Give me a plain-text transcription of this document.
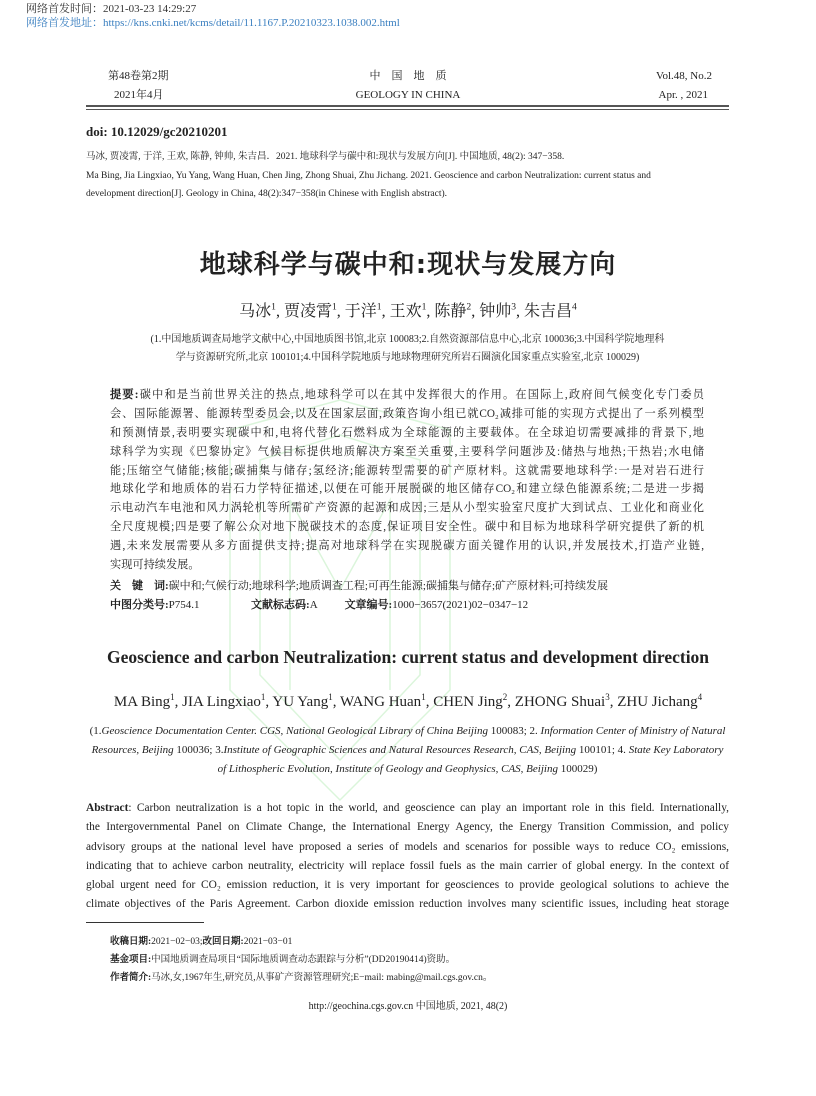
网络首发时间：2021-03-23 14:29:27
网络首发地址：https://kns.cnki.net/kcms/detail/11.1167.P.20210323.1038.002.html
第48卷第2期
2021年4月
中　国　地　质
GEOLOGY IN CHINA
Vol.48, No.2
Apr. , 2021
doi: 10.12029/gc20210201
马冰, 贾凌霄, 于洋, 王欢, 陈静, 钟帅, 朱吉昌．2021. 地球科学与碳中和:现状与发展方向[J]. 中国地质, 48(2): 347−358.
Ma Bing, Jia Lingxiao, Yu Yang, Wang Huan, Chen Jing, Zhong Shuai, Zhu Jichang. 2021. Geoscience and carbon Neutralization: current status and
development direction[J]. Geology in China, 48(2):347−358(in Chinese with English abstract).
地球科学与碳中和:现状与发展方向
马冰$^1$, 贾凌霄$^1$, 于洋$^1$, 王欢$^1$, 陈静$^2$, 钟帅$^3$, 朱吉昌$^4$
(1.中国地质调查局地学文献中心,中国地质图书馆,北京 100083;2.自然资源部信息中心,北京 100036;3.中国科学院地理科
学与资源研究所,北京 100101;4.中国科学院地质与地球物理研究所岩石圈演化国家重点实验室,北京 100029)
提要:碳中和是当前世界关注的热点,地球科学可以在其中发挥很大的作用。在国际上,政府间气候变化专门委员
会、国际能源署、能源转型委员会,以及在国家层面,政策咨询小组已就CO₂减排可能的实现方式提出了一系列模型
和预测情景,表明要实现碳中和,电将代替化石燃料成为全球能源的主要载体。在全球迫切需要减排的背景下,地
球科学为实现《巴黎协定》气候目标提供地质解决方案至关重要,主要科学问题涉及:储热与地热;干热岩;水电储
能;压缩空气储能;核能;碳捕集与储存;氢经济;能源转型需要的矿产原材料。这就需要地球科学:一是对岩石进行
地球化学和地质体的岩石力学特征描述,以便在可能开展脱碳的地区储存CO₂和建立绿色能源系统;二是进一步揭
示电动汽车电池和风力涡轮机等所需矿产资源的起源和成因;三是从小型实验室尺度扩大到试点、工业化和商业化
全尺度规模;四是要了解公众对地下脱碳技术的态度,保证项目安全性。碳中和目标为地球科学研究提供了新的机
遇,未来发展需要从多方面提供支持;提高对地球科学在实现脱碳方面关键作用的认识,并发展技术,打造产业链,
实现可持续发展。
关　键　词:碳中和;气候行动;地球科学;地质调查工程;可再生能源;碳捕集与储存;矿产原材料;可持续发展
中图分类号:P754.1	文献标志码:A	文章编号:1000−3657(2021)02−0347−12
Geoscience and carbon Neutralization: current status and development direction
MA Bing$^1$, JIA Lingxiao$^1$, YU Yang$^1$, WANG Huan$^1$, CHEN Jing$^2$, ZHONG Shuai$^3$, ZHU Jichang$^4$
(1.Geoscience Documentation Center. CGS, National Geological Library of China Beijing 100083; 2. Information Center of Ministry of Natural Resources, Beijing 100036; 3.Institute of Geographic Sciences and Natural Resources Research, CAS, Beijing 100101; 4. State Key Laboratory of Lithospheric Evolution, Institute of Geology and Geophysics, CAS, Beijing 100029)
Abstract: Carbon neutralization is a hot topic in the world, and geoscience can play an important role in this field. Internationally,
the Intergovernmental Panel on Climate Change, the International Energy Agency, the Energy Transition Commission, and policy
advisory groups at the national level have proposed a series of models and scenarios for possible ways to reduce CO₂ emissions,
indicating that to achieve carbon neutrality, electricity will replace fossil fuels as the main carrier of global energy. In the context of
global urgent need for CO₂ emission reduction, it is very important for geosciences to provide geological solutions to achieve the
climate objectives of the Paris Agreement. Carbon dioxide emission reduction involves many scientific issues, including heat storage
收稿日期:2021−02−03;改回日期:2021−03−01
基金项目:中国地质调查局项目“国际地质调查动态跟踪与分析”(DD20190414)资助。
作者简介:马冰,女,1967年生,研究员,从事矿产资源管理研究;E−mail: mabing@mail.cgs.gov.cn。
http://geochina.cgs.gov.cn 中国地质, 2021, 48(2)
